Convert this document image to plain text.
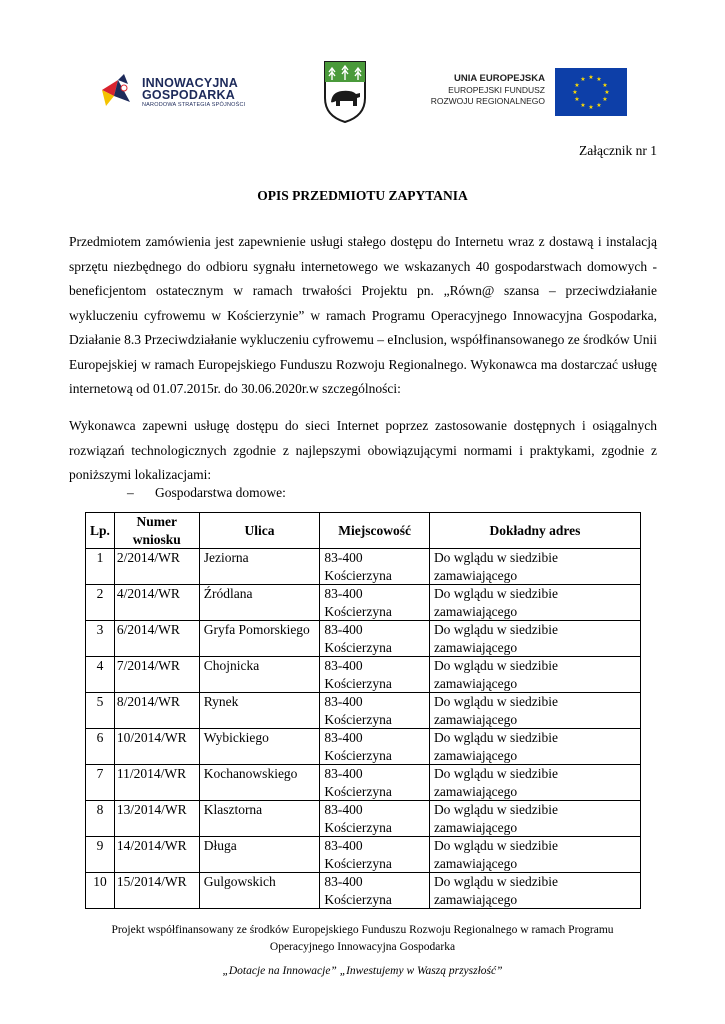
INNOWACYJNA
GOSPODARKA
NARODOWA STRATEGIA SPÓJNOŚCI
UNIA EUROPEJSKA
EUROPEJSKI FUNDUSZ
ROZWOJU REGIONALNEGO
★ ★
★
★
★
★
★
★
★
★
★
★
Załącznik nr 1
OPIS PRZEDMIOTU ZAPYTANIA

Przedmiotem zamówienia jest zapewnienie usługi stałego dostępu do Internetu wraz z dostawą i instalacją sprzętu niezbędnego do odbioru sygnału internetowego we wskazanych 40 gospodarstwach domowych - beneficjentom ostatecznym w ramach trwałości Projektu pn. „Równ@ szansa – przeciwdziałanie wykluczeniu cyfrowemu w Kościerzynie” w ramach Programu Operacyjnego Innowacyjna Gospodarka, Działanie 8.3 Przeciwdziałanie wykluczeniu cyfrowemu – eInclusion, współfinansowanego ze środków Unii Europejskiej w ramach Europejskiego Funduszu Rozwoju Regionalnego. Wykonawca ma dostarczać usługę internetową od 01.07.2015r. do 30.06.2020r.w szczególności:

Wykonawca zapewni usługę dostępu do sieci Internet poprzez zastosowanie dostępnych i osiągalnych rozwiązań technologicznych zgodnie z najlepszymi obowiązującymi normami i praktykami, zgodnie z poniższymi lokalizacjami:

– Gospodarstwa domowe:
Lp.	Numer wniosku	Ulica	Miejscowość	Dokładny adres
1	2/2014/WR	Jeziorna	83-400 Kościerzyna	Do wglądu w siedzibie zamawiającego
2	4/2014/WR	Źródlana	83-400 Kościerzyna	Do wglądu w siedzibie zamawiającego
3	6/2014/WR	Gryfa Pomorskiego	83-400 Kościerzyna	Do wglądu w siedzibie zamawiającego
4	7/2014/WR	Chojnicka	83-400 Kościerzyna	Do wglądu w siedzibie zamawiającego
5	8/2014/WR	Rynek	83-400 Kościerzyna	Do wglądu w siedzibie zamawiającego
6	10/2014/WR	Wybickiego	83-400 Kościerzyna	Do wglądu w siedzibie zamawiającego
7	11/2014/WR	Kochanowskiego	83-400 Kościerzyna	Do wglądu w siedzibie zamawiającego
8	13/2014/WR	Klasztorna	83-400 Kościerzyna	Do wglądu w siedzibie zamawiającego
9	14/2014/WR	Długa	83-400 Kościerzyna	Do wglądu w siedzibie zamawiającego
10	15/2014/WR	Gulgowskich	83-400 Kościerzyna	Do wglądu w siedzibie zamawiającego
Projekt współfinansowany ze środków Europejskiego Funduszu Rozwoju Regionalnego w ramach Programu
Operacyjnego Innowacyjna Gospodarka
„Dotacje na Innowacje” „Inwestujemy w Waszą przyszłość”
